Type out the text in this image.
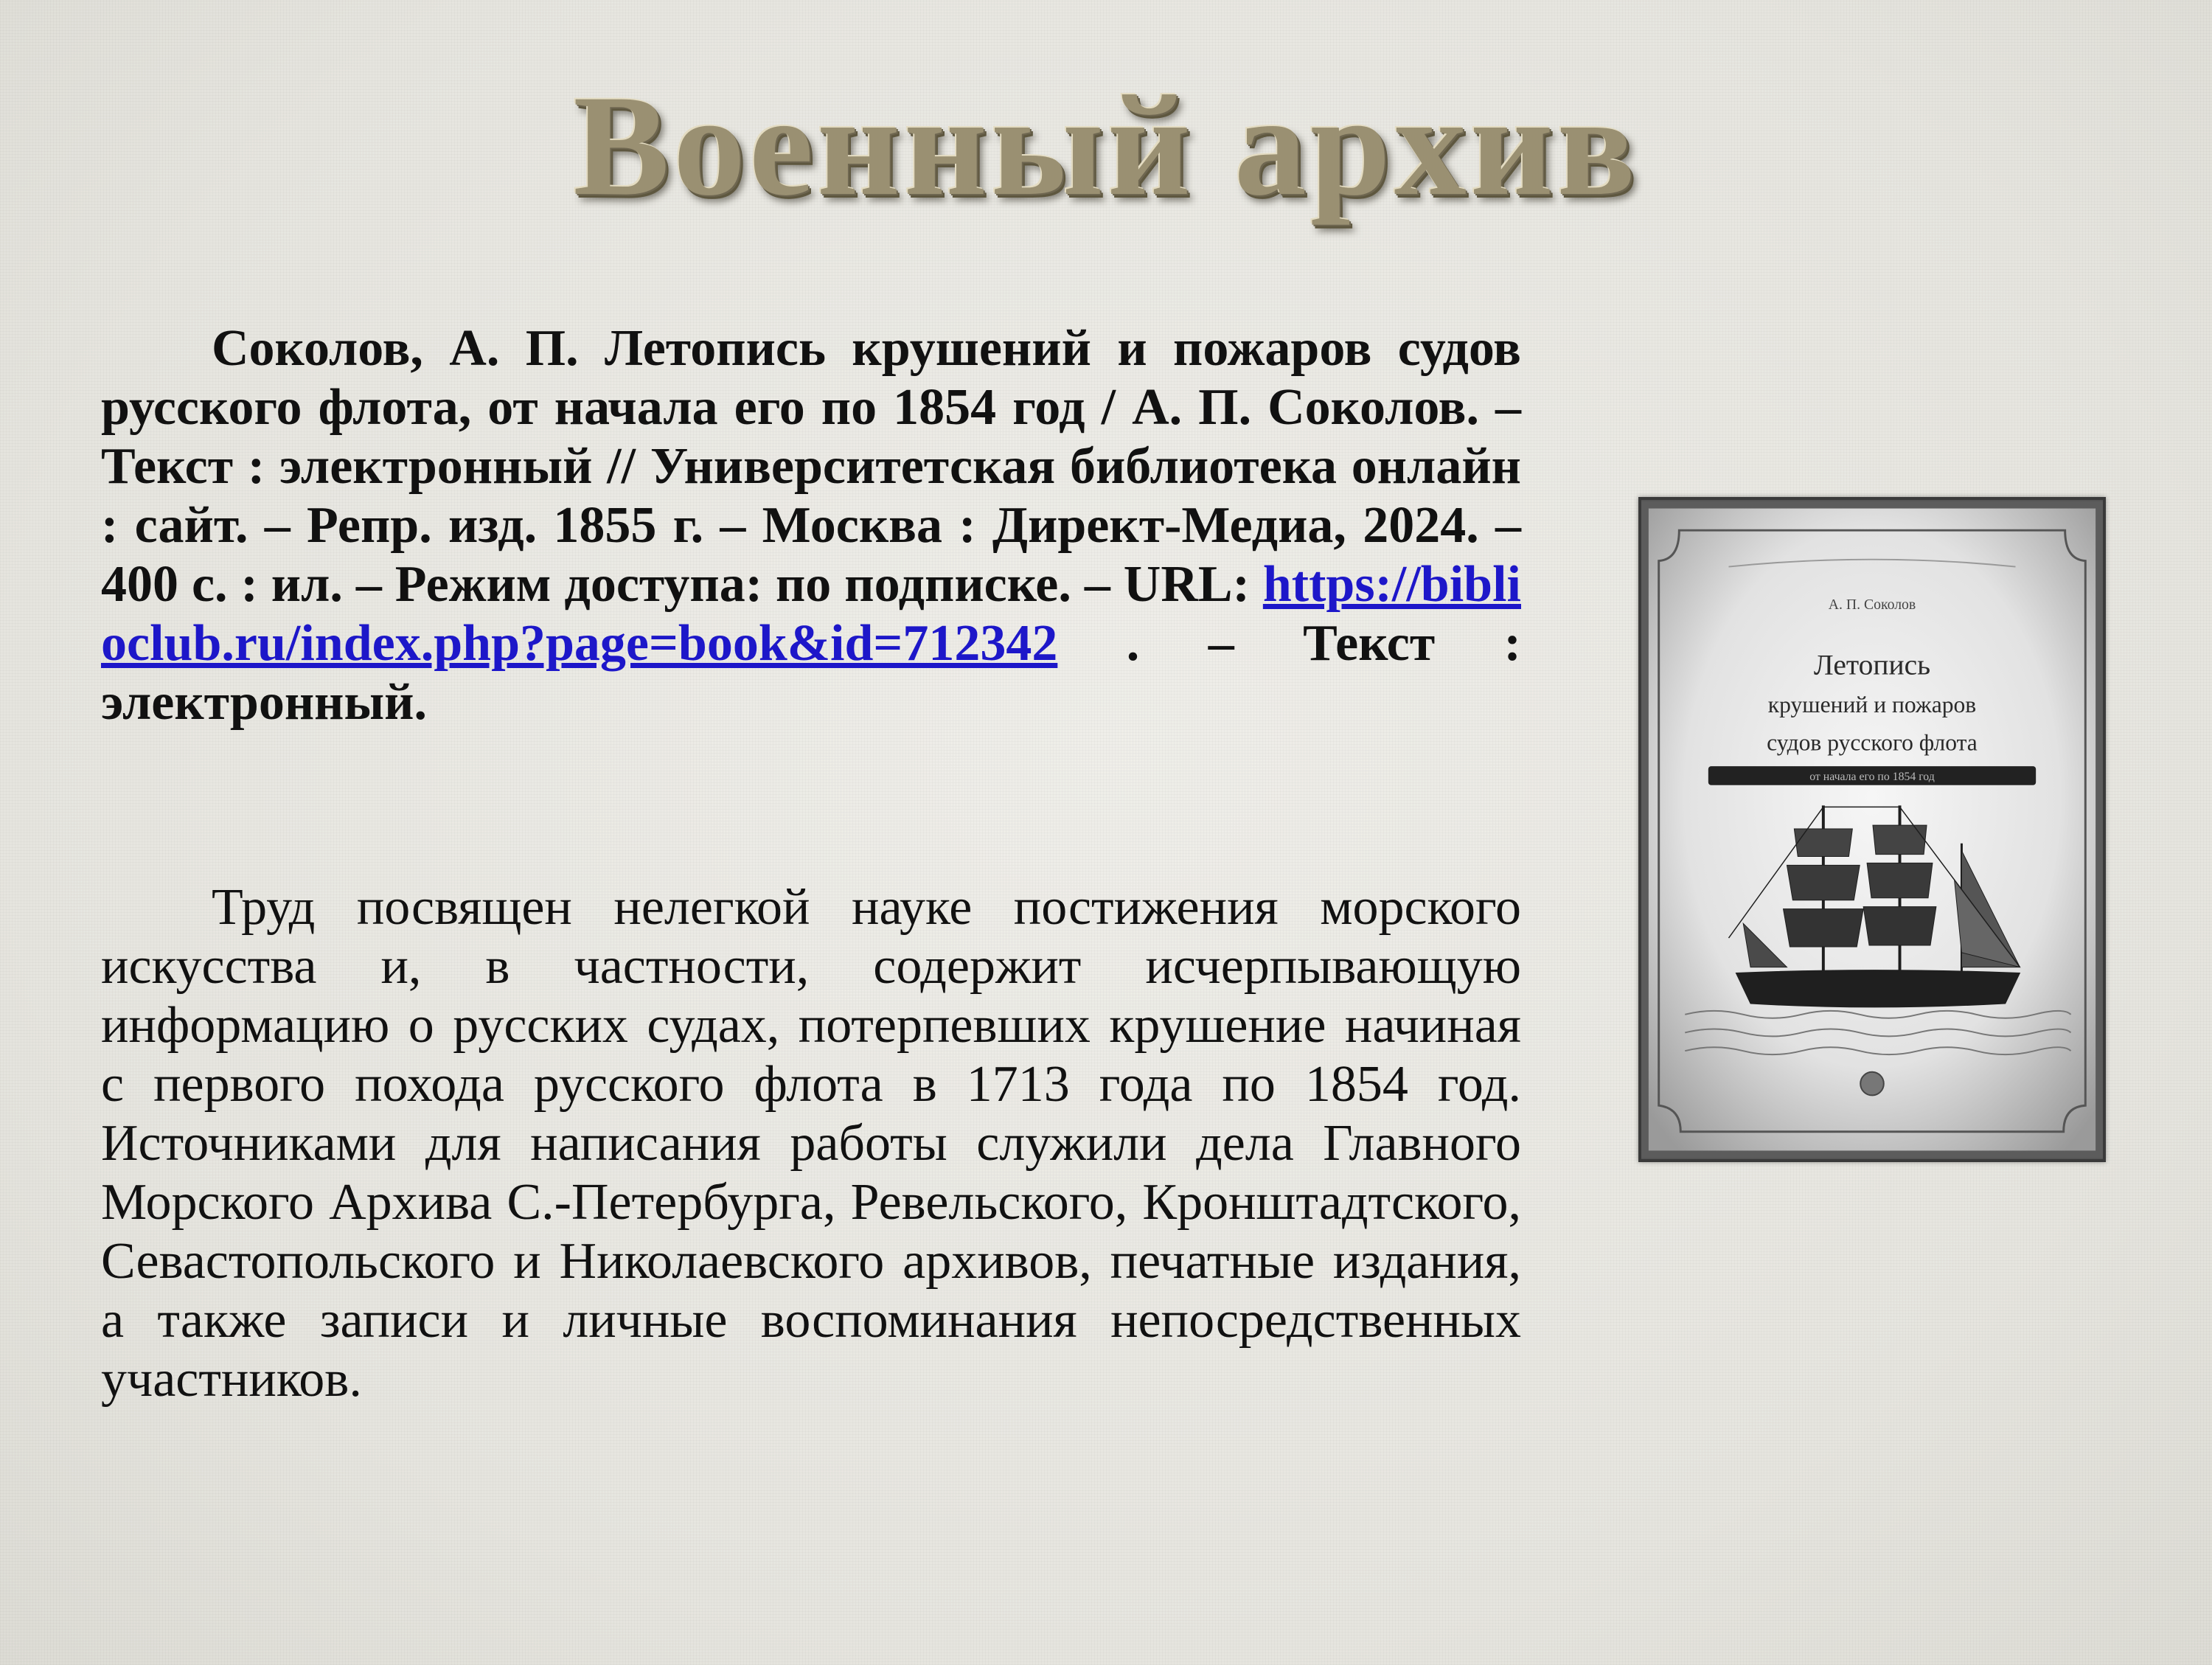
Военный архив

Соколов, А. П. Летопись крушений и пожаров судов русского флота, от начала его по 1854 год / А. П. Соколов. – Текст : электронный // Университетская библиотека онлайн : сайт. – Репр. изд. 1855 г. – Москва : Директ-Медиа, 2024. – 400 с. : ил. – Режим доступа: по подписке. – URL: https://biblioclub.ru/index.php?page=book&id=712342 . – Текст : электронный.

Труд посвящен нелегкой науке постижения морского искусства и, в частности, содержит исчерпывающую информацию о русских судах, потерпевших крушение начиная с первого похода русского флота в 1713 года по 1854 год. Источниками для написания работы служили дела Главного Морского Архива С.-Петербурга, Ревельского, Кронштадтского, Севастопольского и Николаевского архивов, печатные издания, а также записи и личные воспоминания непосредственных участников.

А. П. Соколов
Летопись
крушений и пожаров
судов русского флота
от начала его по 1854 год
